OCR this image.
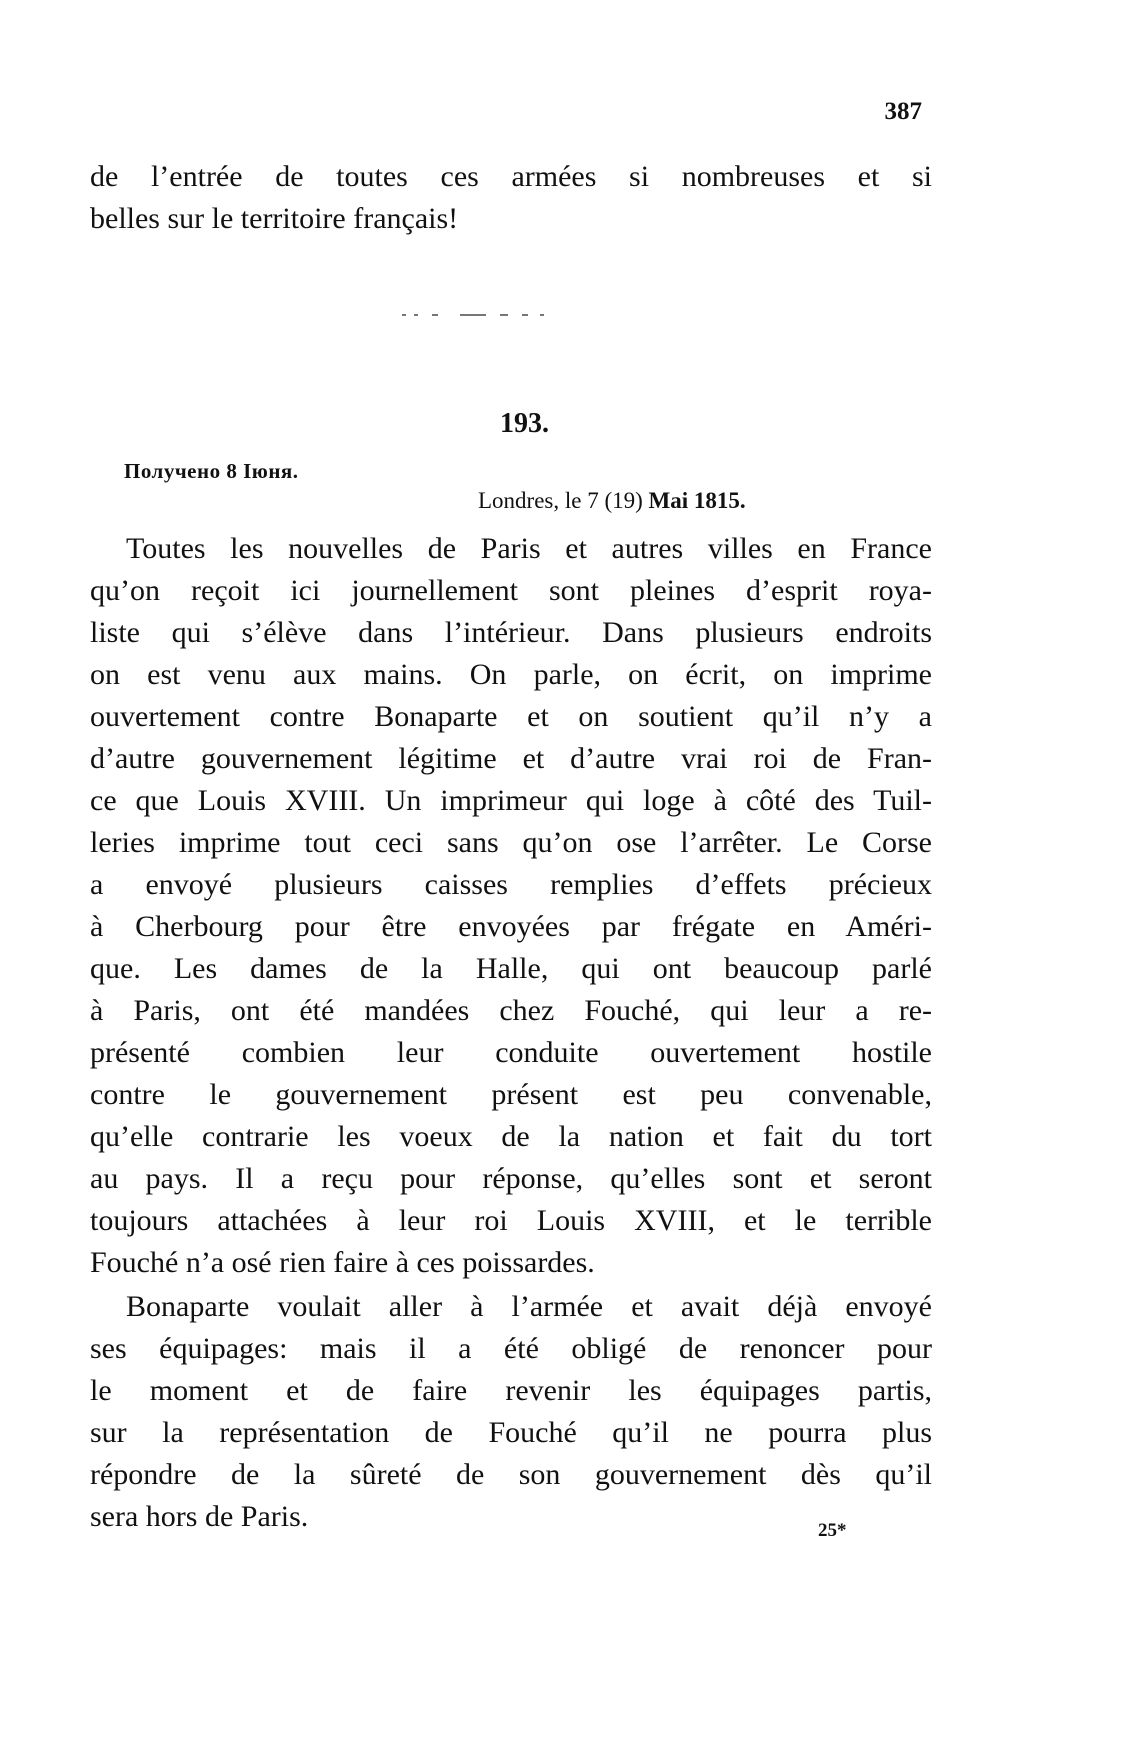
387
de l’entrée de toutes ces armées si nombreuses et si
belles sur le territoire français!
193.
Получено 8 Іюня.
Londres, le 7 (19) Mai 1815.
Toutes les nouvelles de Paris et autres villes en France
qu’on reçoit ici journellement sont pleines d’esprit roya-
liste qui s’élève dans l’intérieur. Dans plusieurs endroits
on est venu aux mains. On parle, on écrit, on imprime
ouvertement contre Bonaparte et on soutient qu’il n’y a
d’autre gouvernement légitime et d’autre vrai roi de Fran-
ce que Louis XVIII. Un imprimeur qui loge à côté des Tuil-
leries imprime tout ceci sans qu’on ose l’arrêter. Le Corse
a envoyé plusieurs caisses remplies d’effets précieux
à Cherbourg pour être envoyées par frégate en Améri-
que. Les dames de la Halle, qui ont beaucoup parlé
à Paris, ont été mandées chez Fouché, qui leur a re-
présenté combien leur conduite ouvertement hostile
contre le gouvernement présent est peu convenable,
qu’elle contrarie les voeux de la nation et fait du tort
au pays. Il a reçu pour réponse, qu’elles sont et seront
toujours attachées à leur roi Louis XVIII, et le terrible
Fouché n’a osé rien faire à ces poissardes.
Bonaparte voulait aller à l’armée et avait déjà envoyé
ses équipages: mais il a été obligé de renoncer pour
le moment et de faire revenir les équipages partis,
sur la représentation de Fouché qu’il ne pourra plus
répondre de la sûreté de son gouvernement dès qu’il
sera hors de Paris.	25*
